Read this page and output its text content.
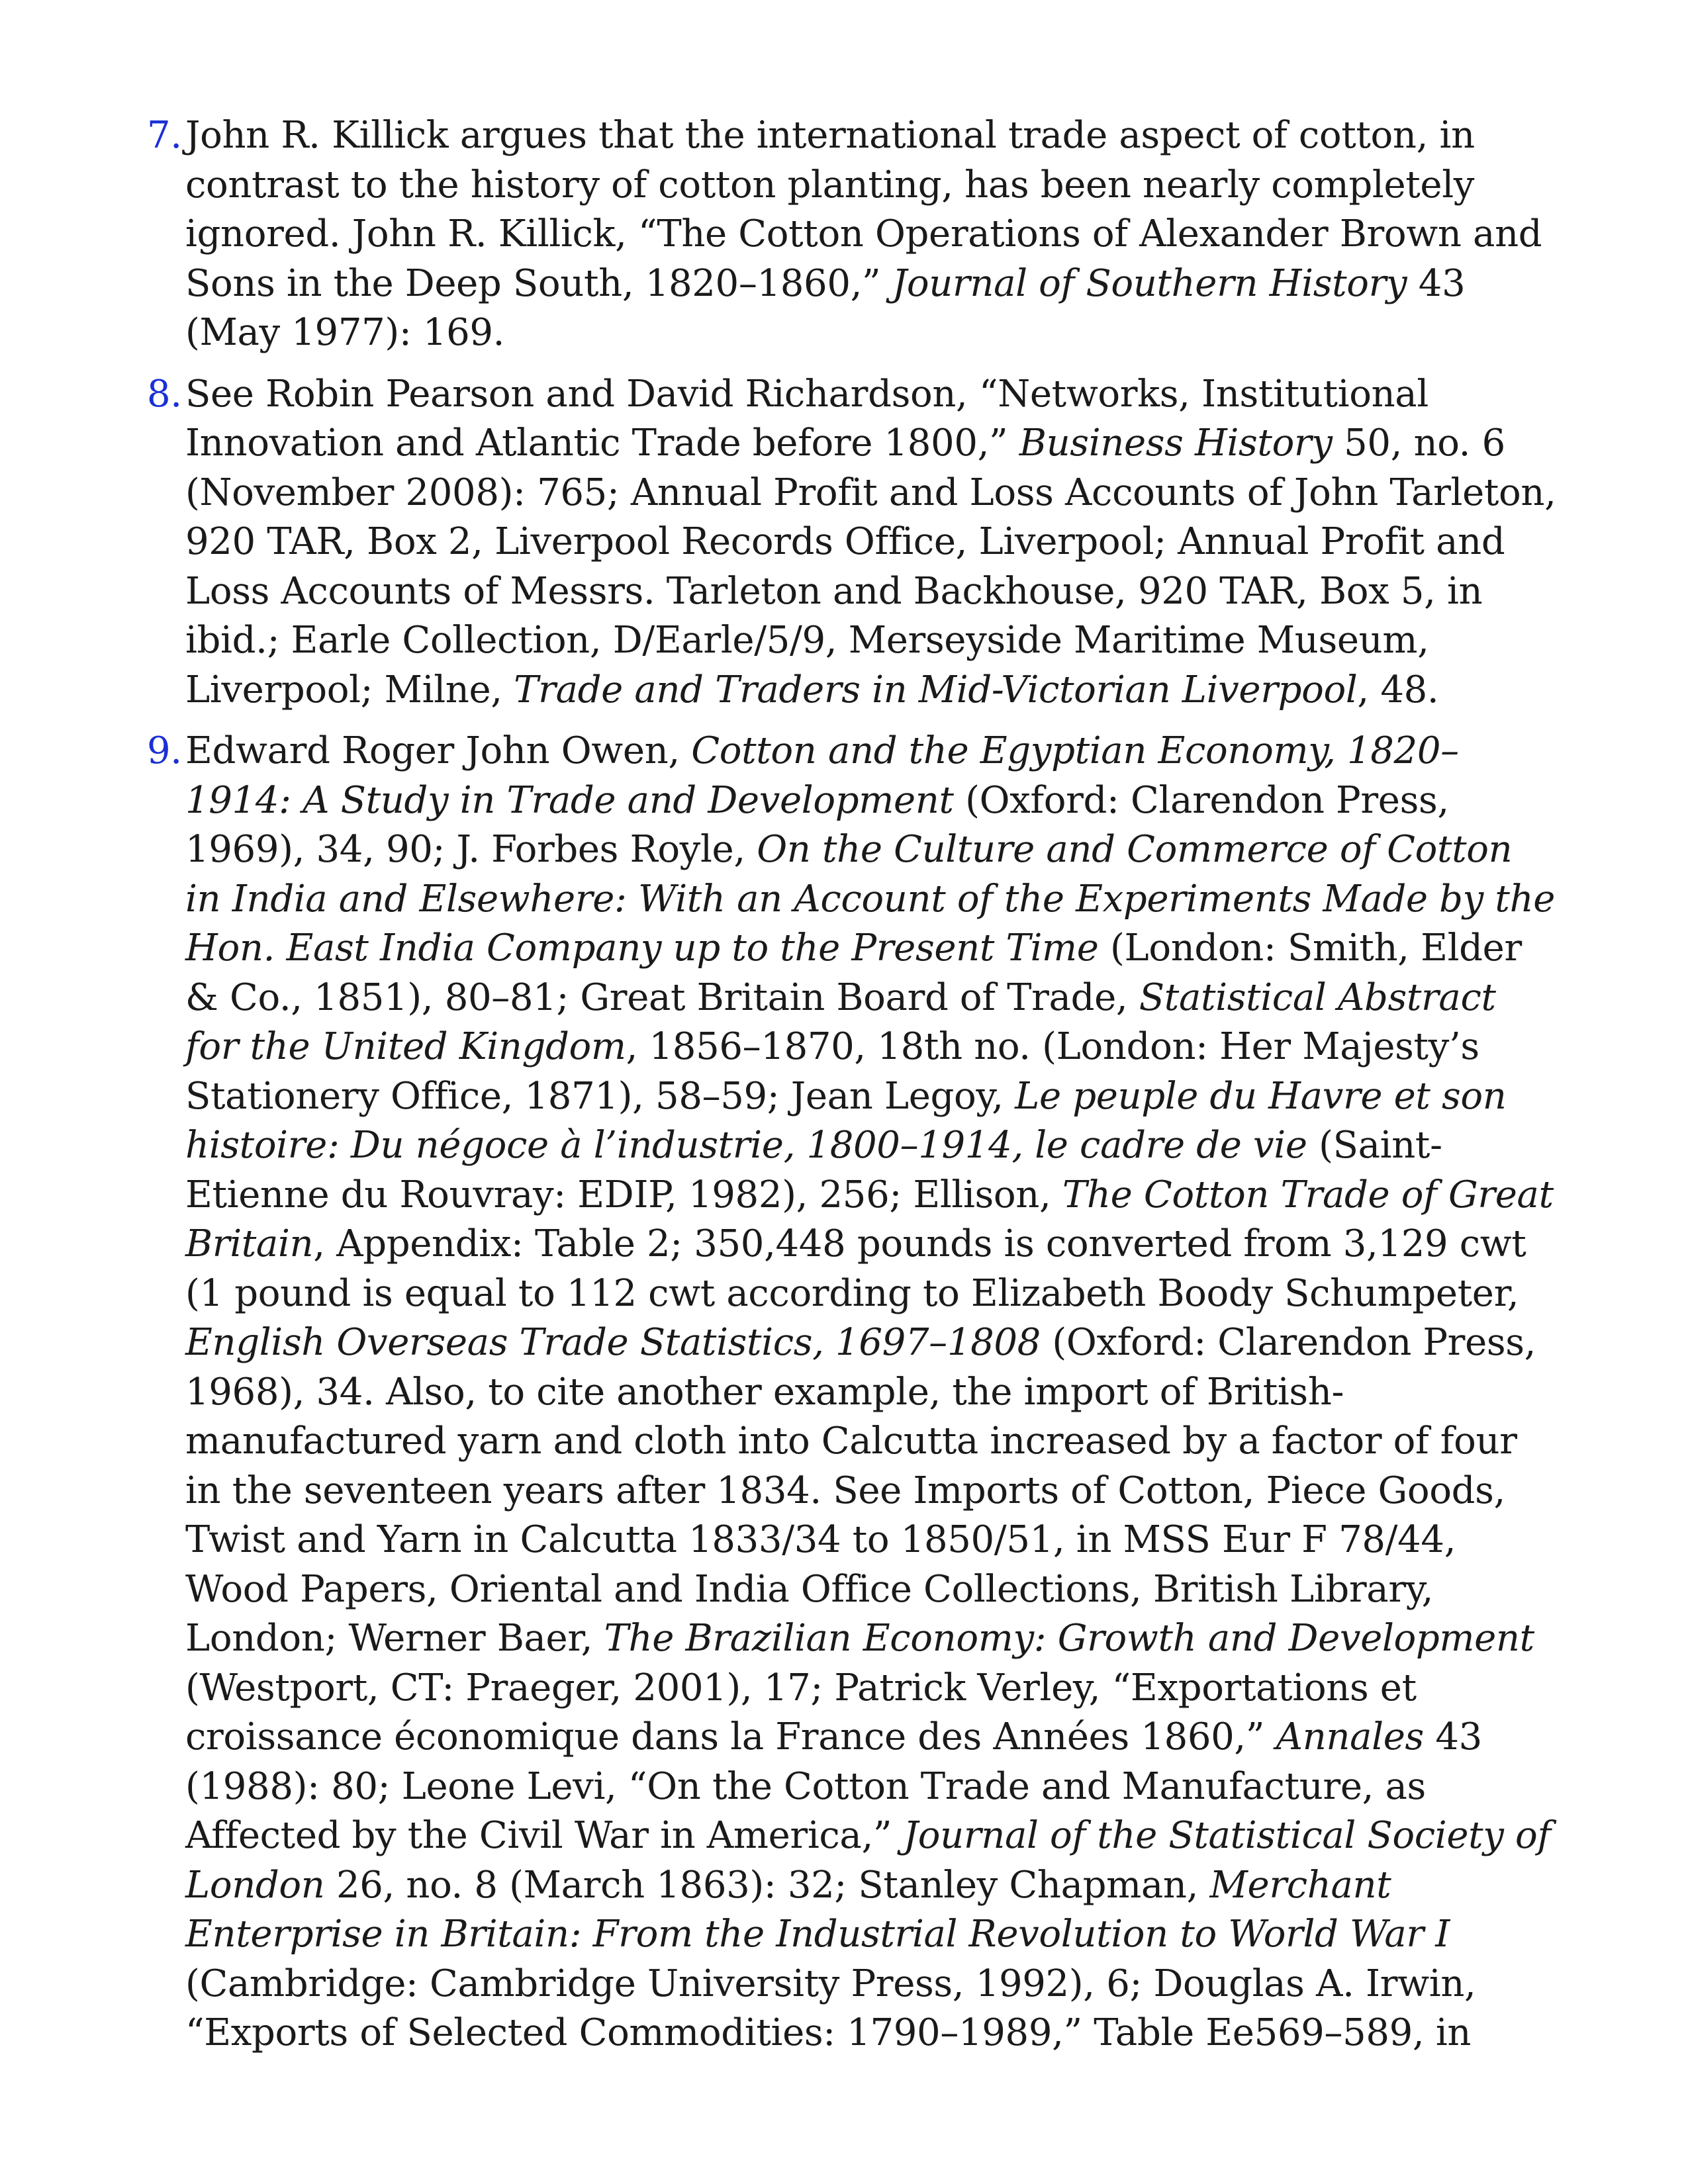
7. John R. Killick argues that the international trade aspect of cotton, in contrast to the history of cotton planting, has been nearly completely ignored. John R. Killick, “The Cotton Operations of Alexander Brown and Sons in the Deep South, 1820–1860,” Journal of Southern History 43 (May 1977): 169.
8. See Robin Pearson and David Richardson, “Networks, Institutional Innovation and Atlantic Trade before 1800,” Business History 50, no. 6 (November 2008): 765; Annual Profit and Loss Accounts of John Tarleton, 920 TAR, Box 2, Liverpool Records Office, Liverpool; Annual Profit and Loss Accounts of Messrs. Tarleton and Backhouse, 920 TAR, Box 5, in ibid.; Earle Collection, D/Earle/5/9, Merseyside Maritime Museum, Liverpool; Milne, Trade and Traders in Mid-Victorian Liverpool, 48.
9. Edward Roger John Owen, Cotton and the Egyptian Economy, 1820–1914: A Study in Trade and Development (Oxford: Clarendon Press, 1969), 34, 90; J. Forbes Royle, On the Culture and Commerce of Cotton in India and Elsewhere: With an Account of the Experiments Made by the Hon. East India Company up to the Present Time (London: Smith, Elder & Co., 1851), 80–81; Great Britain Board of Trade, Statistical Abstract for the United Kingdom, 1856–1870, 18th no. (London: Her Majesty’s Stationery Office, 1871), 58–59; Jean Legoy, Le peuple du Havre et son histoire: Du négoce à l’industrie, 1800–1914, le cadre de vie (Saint-Etienne du Rouvray: EDIP, 1982), 256; Ellison, The Cotton Trade of Great Britain, Appendix: Table 2; 350,448 pounds is converted from 3,129 cwt (1 pound is equal to 112 cwt according to Elizabeth Boody Schumpeter, English Overseas Trade Statistics, 1697–1808 (Oxford: Clarendon Press, 1968), 34. Also, to cite another example, the import of British-manufactured yarn and cloth into Calcutta increased by a factor of four in the seventeen years after 1834. See Imports of Cotton, Piece Goods, Twist and Yarn in Calcutta 1833/34 to 1850/51, in MSS Eur F 78/44, Wood Papers, Oriental and India Office Collections, British Library, London; Werner Baer, The Brazilian Economy: Growth and Development (Westport, CT: Praeger, 2001), 17; Patrick Verley, “Exportations et croissance économique dans la France des Années 1860,” Annales 43 (1988): 80; Leone Levi, “On the Cotton Trade and Manufacture, as Affected by the Civil War in America,” Journal of the Statistical Society of London 26, no. 8 (March 1863): 32; Stanley Chapman, Merchant Enterprise in Britain: From the Industrial Revolution to World War I (Cambridge: Cambridge University Press, 1992), 6; Douglas A. Irwin, “Exports of Selected Commodities: 1790–1989,” Table Ee569–589, in
